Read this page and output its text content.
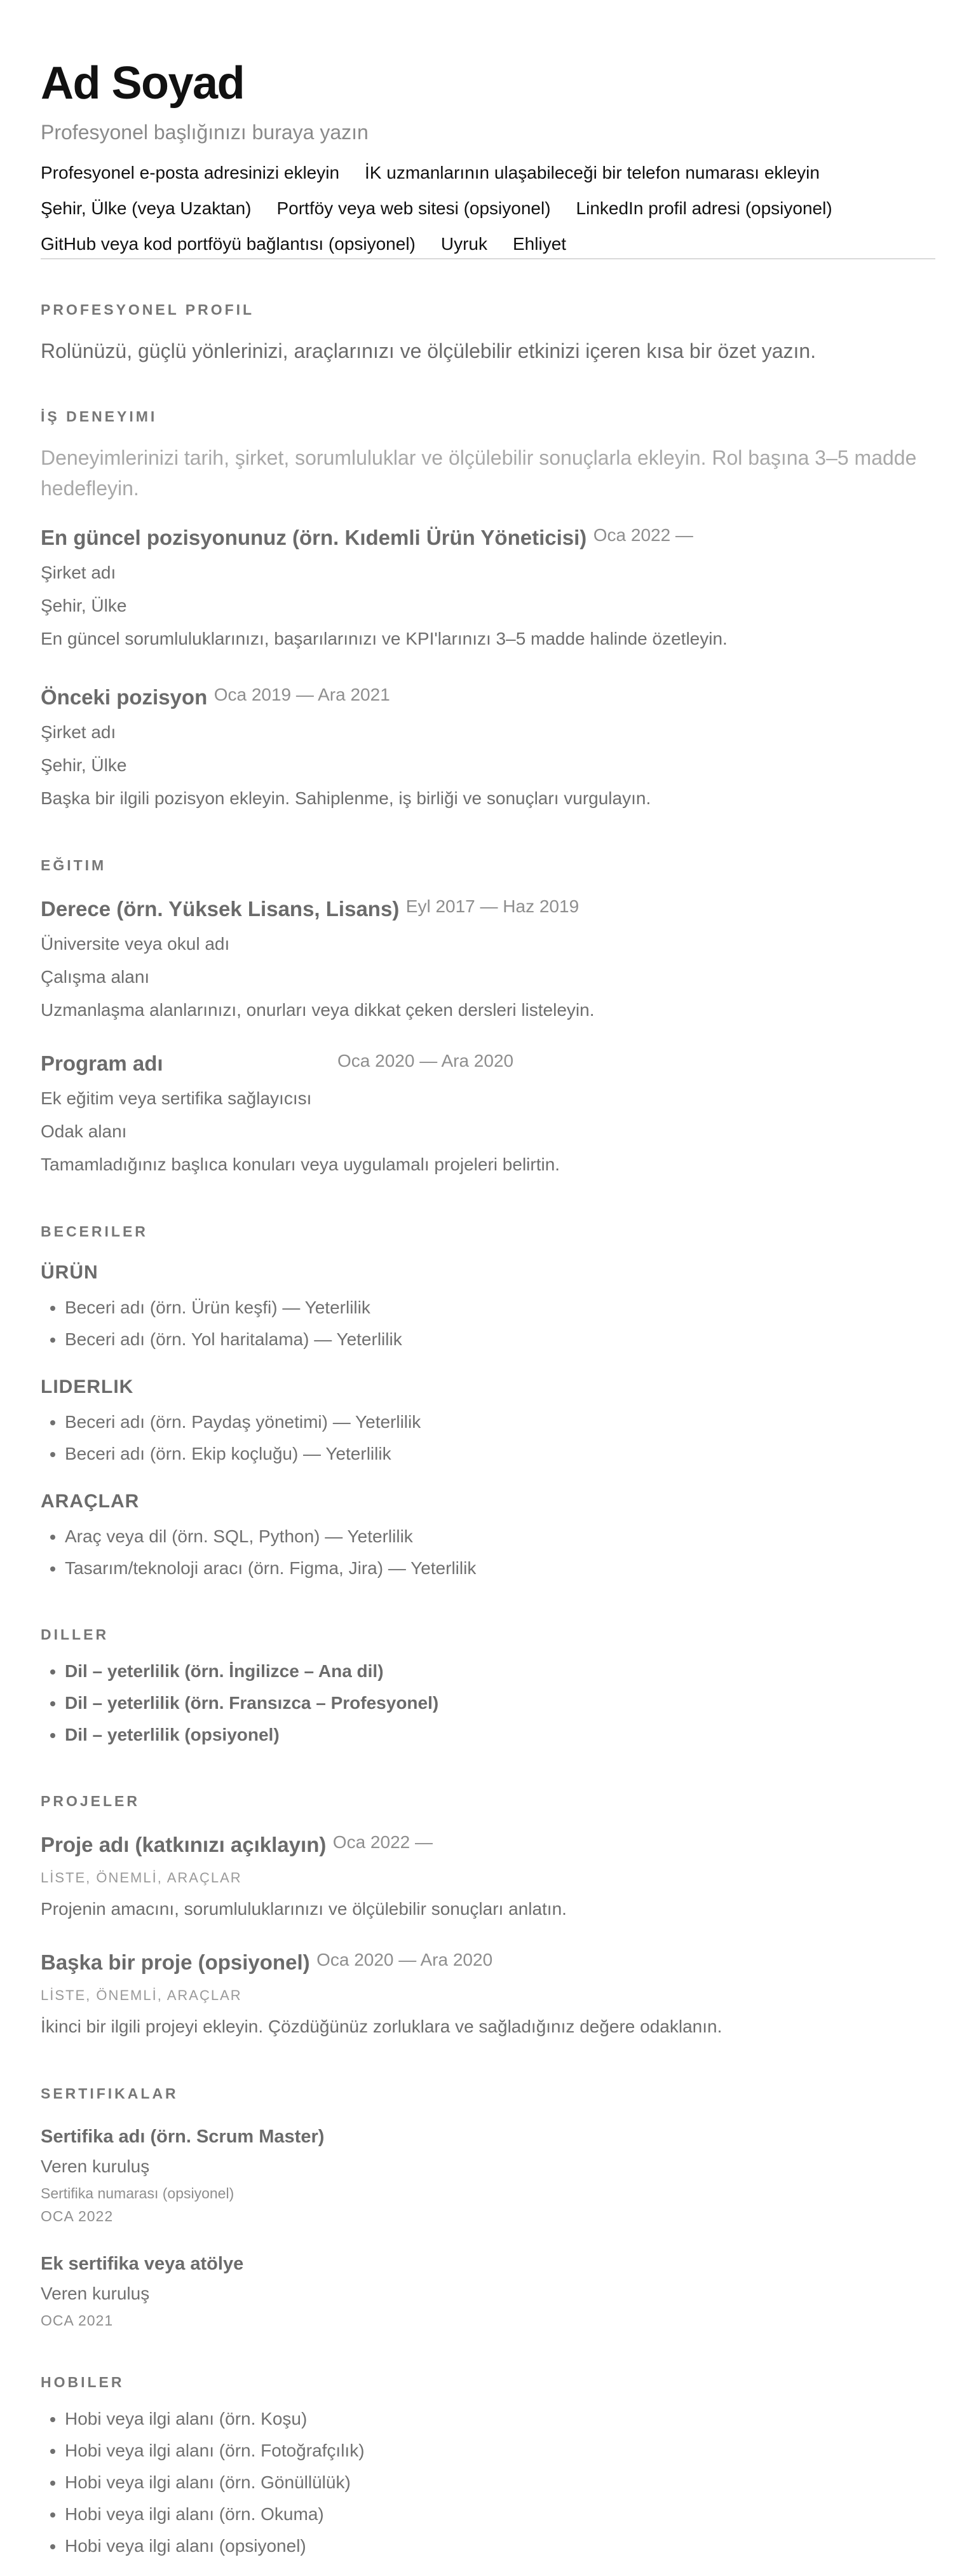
Ad Soyad
Profesyonel başlığınızı buraya yazın
Profesyonel e-posta adresinizi ekleyin İK uzmanlarının ulaşabileceği bir telefon numarası ekleyin
Şehir, Ülke (veya Uzaktan) Portföy veya web sitesi (opsiyonel) LinkedIn profil adresi (opsiyonel)
GitHub veya kod portföyü bağlantısı (opsiyonel) Uyruk Ehliyet
PROFESYONEL PROFIL
Rolünüzü, güçlü yönlerinizi, araçlarınızı ve ölçülebilir etkinizi içeren kısa bir özet yazın.
İŞ DENEYIMI
Deneyimlerinizi tarih, şirket, sorumluluklar ve ölçülebilir sonuçlarla ekleyin. Rol başına 3–5 madde hedefleyin.
En güncel pozisyonunuz (örn. Kıdemli Ürün Yöneticisi) Oca 2022 —
Şirket adı
Şehir, Ülke
En güncel sorumluluklarınızı, başarılarınızı ve KPI'larınızı 3–5 madde halinde özetleyin.
Önceki pozisyon Oca 2019 — Ara 2021
Şirket adı
Şehir, Ülke
Başka bir ilgili pozisyon ekleyin. Sahiplenme, iş birliği ve sonuçları vurgulayın.
EĞITIM
Derece (örn. Yüksek Lisans, Lisans) Eyl 2017 — Haz 2019
Üniversite veya okul adı
Çalışma alanı
Uzmanlaşma alanlarınızı, onurları veya dikkat çeken dersleri listeleyin.
Program adı	Oca 2020 — Ara 2020
Ek eğitim veya sertifika sağlayıcısı
Odak alanı
Tamamladığınız başlıca konuları veya uygulamalı projeleri belirtin.
BECERILER
ÜRÜN
• Beceri adı (örn. Ürün keşfi) — Yeterlilik
• Beceri adı (örn. Yol haritalama) — Yeterlilik
LIDERLIK
• Beceri adı (örn. Paydaş yönetimi) — Yeterlilik
• Beceri adı (örn. Ekip koçluğu) — Yeterlilik
ARAÇLAR
• Araç veya dil (örn. SQL, Python) — Yeterlilik
• Tasarım/teknoloji aracı (örn. Figma, Jira) — Yeterlilik
DILLER
• Dil – yeterlilik (örn. İngilizce – Ana dil)
• Dil – yeterlilik (örn. Fransızca – Profesyonel)
• Dil – yeterlilik (opsiyonel)
PROJELER
Proje adı (katkınızı açıklayın) Oca 2022 —
LİSTE, ÖNEMLİ, ARAÇLAR
Projenin amacını, sorumluluklarınızı ve ölçülebilir sonuçları anlatın.
Başka bir proje (opsiyonel) Oca 2020 — Ara 2020
LİSTE, ÖNEMLİ, ARAÇLAR
İkinci bir ilgili projeyi ekleyin. Çözdüğünüz zorluklara ve sağladığınız değere odaklanın.
SERTIFIKALAR
Sertifika adı (örn. Scrum Master)
Veren kuruluş
Sertifika numarası (opsiyonel)
OCA 2022
Ek sertifika veya atölye
Veren kuruluş
OCA 2021
HOBILER
• Hobi veya ilgi alanı (örn. Koşu)
• Hobi veya ilgi alanı (örn. Fotoğrafçılık)
• Hobi veya ilgi alanı (örn. Gönüllülük)
• Hobi veya ilgi alanı (örn. Okuma)
• Hobi veya ilgi alanı (opsiyonel)
